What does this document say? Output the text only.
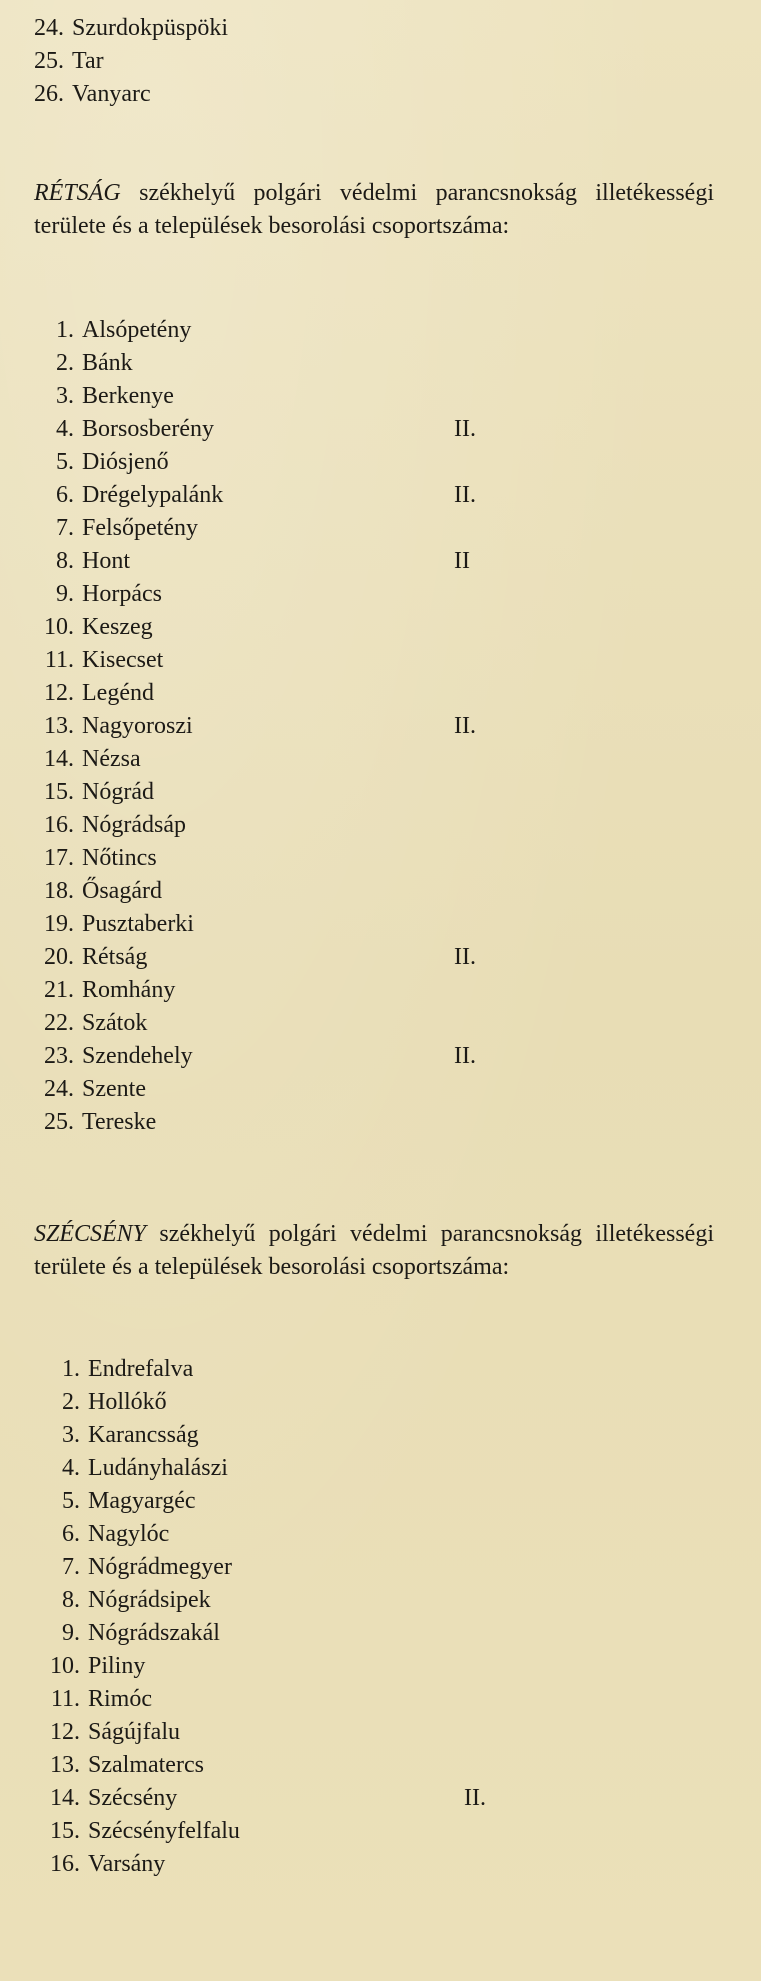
24. Szurdokpüspöki
25. Tar
26. Vanyarc

RÉTSÁG székhelyű polgári védelmi parancsnokság illetékességi területe és a települések besorolási csoportszáma:

1. Alsópetény
2. Bánk
3. Berkenye
4. Borsosberény	II.
5. Diósjenő
6. Drégelypalánk	II.
7. Felsőpetény
8. Hont	II
9. Horpács
10. Keszeg
11. Kisecset
12. Legénd
13. Nagyoroszi	II.
14. Nézsa
15. Nógrád
16. Nógrádsáp
17. Nőtincs
18. Ősagárd
19. Pusztaberki
20. Rétság	II.
21. Romhány
22. Szátok
23. Szendehely	II.
24. Szente
25. Tereske

SZÉCSÉNY székhelyű polgári védelmi parancsnokság illetékességi területe és a települések besorolási csoportszáma:

1. Endrefalva
2. Hollókő
3. Karancsság
4. Ludányhalászi
5. Magyargéc
6. Nagylóc
7. Nógrádmegyer
8. Nógrádsipek
9. Nógrádszakál
10. Piliny
11. Rimóc
12. Ságújfalu
13. Szalmatercs
14. Szécsény	II.
15. Szécsényfelfalu
16. Varsány
